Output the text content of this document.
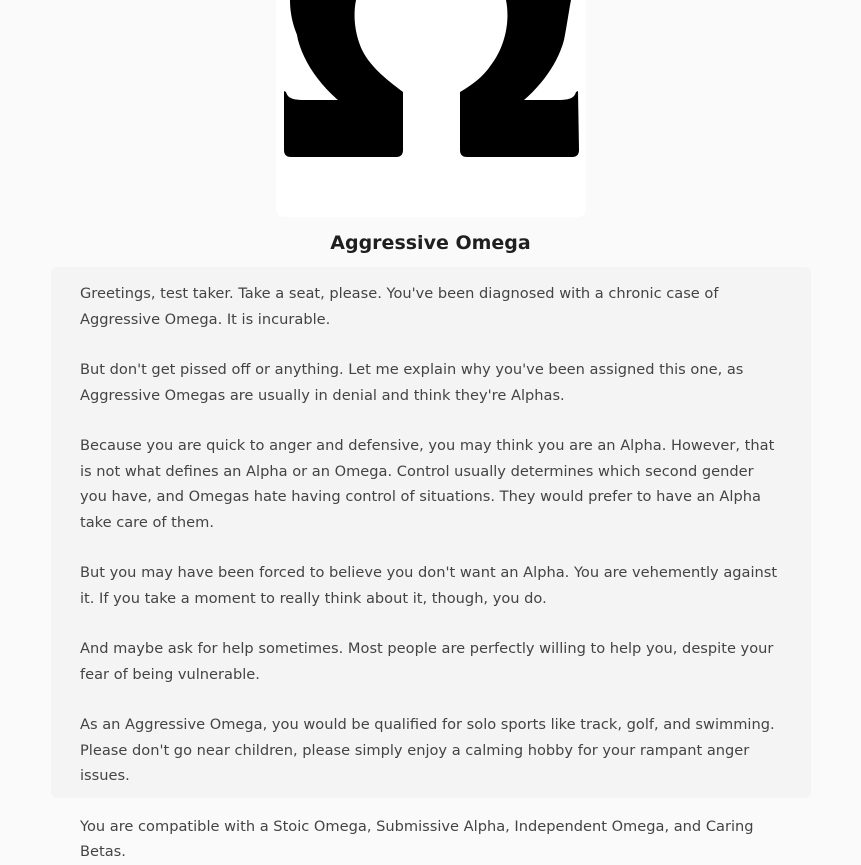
Aggressive Omega

Greetings, test taker. Take a seat, please. You've been diagnosed with a chronic case of Aggressive Omega. It is incurable.

But don't get pissed off or anything. Let me explain why you've been assigned this one, as Aggressive Omegas are usually in denial and think they're Alphas.

Because you are quick to anger and defensive, you may think you are an Alpha. However, that is not what defines an Alpha or an Omega. Control usually determines which second gender you have, and Omegas hate having control of situations. They would prefer to have an Alpha take care of them.

But you may have been forced to believe you don't want an Alpha. You are vehemently against it. If you take a moment to really think about it, though, you do.

And maybe ask for help sometimes. Most people are perfectly willing to help you, despite your fear of being vulnerable.

As an Aggressive Omega, you would be qualified for solo sports like track, golf, and swimming. Please don't go near children, please simply enjoy a calming hobby for your rampant anger issues.

You are compatible with a Stoic Omega, Submissive Alpha, Independent Omega, and Caring Betas.
